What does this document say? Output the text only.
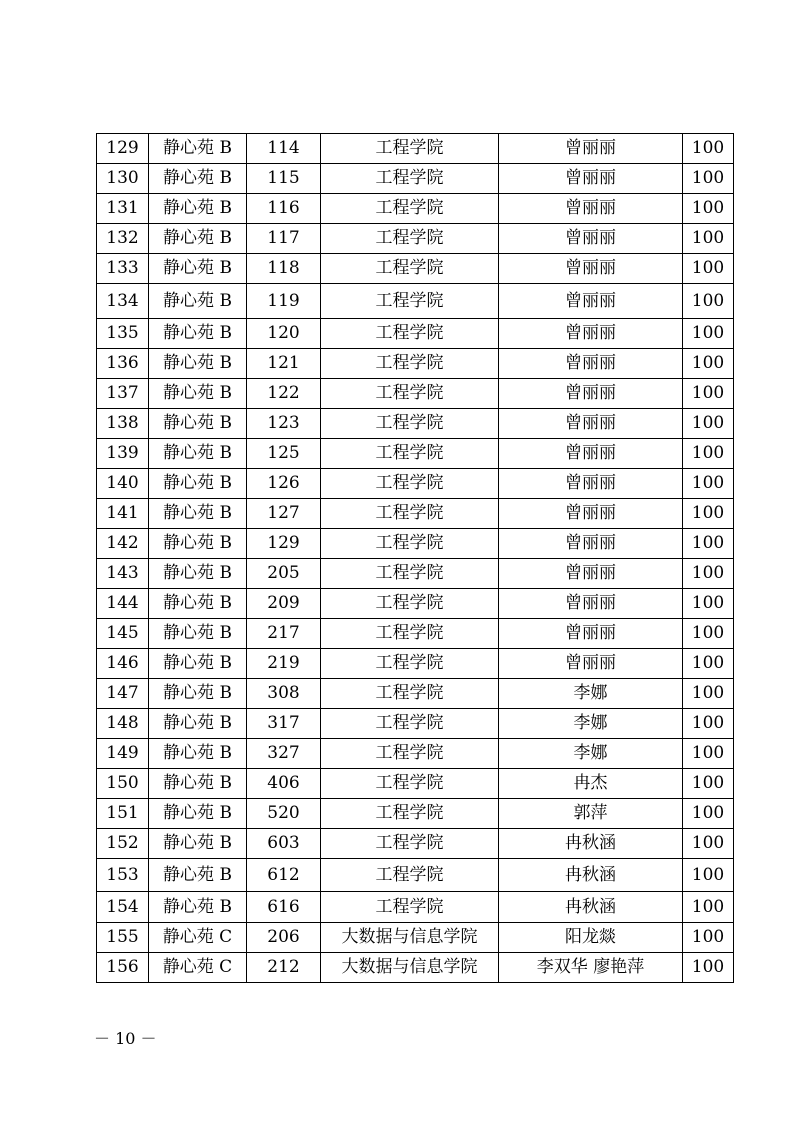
129	静心苑 B	114	工程学院	曾丽丽	100
130	静心苑 B	115	工程学院	曾丽丽	100
131	静心苑 B	116	工程学院	曾丽丽	100
132	静心苑 B	117	工程学院	曾丽丽	100
133	静心苑 B	118	工程学院	曾丽丽	100
134	静心苑 B	119	工程学院	曾丽丽	100
135	静心苑 B	120	工程学院	曾丽丽	100
136	静心苑 B	121	工程学院	曾丽丽	100
137	静心苑 B	122	工程学院	曾丽丽	100
138	静心苑 B	123	工程学院	曾丽丽	100
139	静心苑 B	125	工程学院	曾丽丽	100
140	静心苑 B	126	工程学院	曾丽丽	100
141	静心苑 B	127	工程学院	曾丽丽	100
142	静心苑 B	129	工程学院	曾丽丽	100
143	静心苑 B	205	工程学院	曾丽丽	100
144	静心苑 B	209	工程学院	曾丽丽	100
145	静心苑 B	217	工程学院	曾丽丽	100
146	静心苑 B	219	工程学院	曾丽丽	100
147	静心苑 B	308	工程学院	李娜	100
148	静心苑 B	317	工程学院	李娜	100
149	静心苑 B	327	工程学院	李娜	100
150	静心苑 B	406	工程学院	冉杰	100
151	静心苑 B	520	工程学院	郭萍	100
152	静心苑 B	603	工程学院	冉秋涵	100
153	静心苑 B	612	工程学院	冉秋涵	100
154	静心苑 B	616	工程学院	冉秋涵	100
155	静心苑 C	206	大数据与信息学院	阳龙燚	100
156	静心苑 C	212	大数据与信息学院	李双华 廖艳萍	100
－ 10 －
